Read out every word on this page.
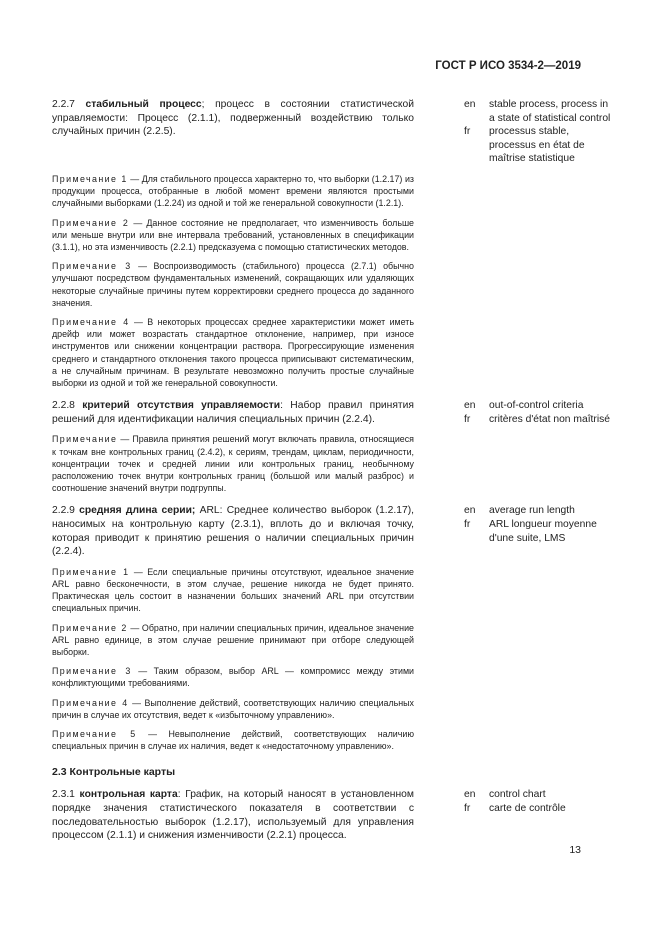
ГОСТ Р ИСО 3534-2—2019
2.2.7 стабильный процесс; процесс в состоянии статистической управляемости: Процесс (2.1.1), подверженный воздействию только случайных причин (2.2.5).
en	stable process, process in a state of statistical control
fr	processus stable, processus en état de maîtrise statistique
Примечание 1 — Для стабильного процесса характерно то, что выборки (1.2.17) из продукции процесса, отобранные в любой момент времени являются простыми случайными выборками (1.2.24) из одной и той же генеральной совокупности (1.2.1).
Примечание 2 — Данное состояние не предполагает, что изменчивость больше или меньше внутри или вне интервала требований, установленных в спецификации (3.1.1), но эта изменчивость (2.2.1) предсказуема с помощью статистических методов.
Примечание 3 — Воспроизводимость (стабильного) процесса (2.7.1) обычно улучшают посредством фундаментальных изменений, сокращающих или удаляющих некоторые случайные причины путем корректировки среднего процесса до заданного значения.
Примечание 4 — В некоторых процессах среднее характеристики может иметь дрейф или может возрастать стандартное отклонение, например, при износе инструментов или снижении концентрации раствора. Прогрессирующие изменения среднего и стандартного отклонения такого процесса приписывают систематическим, а не случайным причинам. В результате невозможно получить простые случайные выборки из одной и той же генеральной совокупности.
2.2.8 критерий отсутствия управляемости: Набор правил принятия решений для идентификации наличия специальных причин (2.2.4).
en	out-of-control criteria
fr	critères d'état non maîtrisé
Примечание — Правила принятия решений могут включать правила, относящиеся к точкам вне контрольных границ (2.4.2), к сериям, трендам, циклам, периодичности, концентрации точек и средней линии или контрольных границ, необычному расположению точек внутри контрольных границ (большой или малый разброс) и соотношение значений внутри подгруппы.
2.2.9 средняя длина серии; ARL: Среднее количество выборок (1.2.17), наносимых на контрольную карту (2.3.1), вплоть до и включая точку, которая приводит к принятию решения о наличии специальных причин (2.2.4).
en	average run length
fr	ARL longueur moyenne d'une suite, LMS
Примечание 1 — Если специальные причины отсутствуют, идеальное значение ARL равно бесконечности, в этом случае, решение никогда не будет принято. Практическая цель состоит в назначении больших значений ARL при отсутствии специальных причин.
Примечание 2 — Обратно, при наличии специальных причин, идеальное значение ARL равно единице, в этом случае решение принимают при отборе следующей выборки.
Примечание 3 — Таким образом, выбор ARL — компромисс между этими конфликтующими требованиями.
Примечание 4 — Выполнение действий, соответствующих наличию специальных причин в случае их отсутствия, ведет к «избыточному управлению».
Примечание 5 — Невыполнение действий, соответствующих наличию специальных причин в случае их наличия, ведет к «недостаточному управлению».
2.3 Контрольные карты
2.3.1 контрольная карта: График, на который наносят в установленном порядке значения статистического показателя в соответствии с последовательностью выборок (1.2.17), используемый для управления процессом (2.1.1) и снижения изменчивости (2.2.1) процесса.
en	control chart
fr	carte de contrôle
13
